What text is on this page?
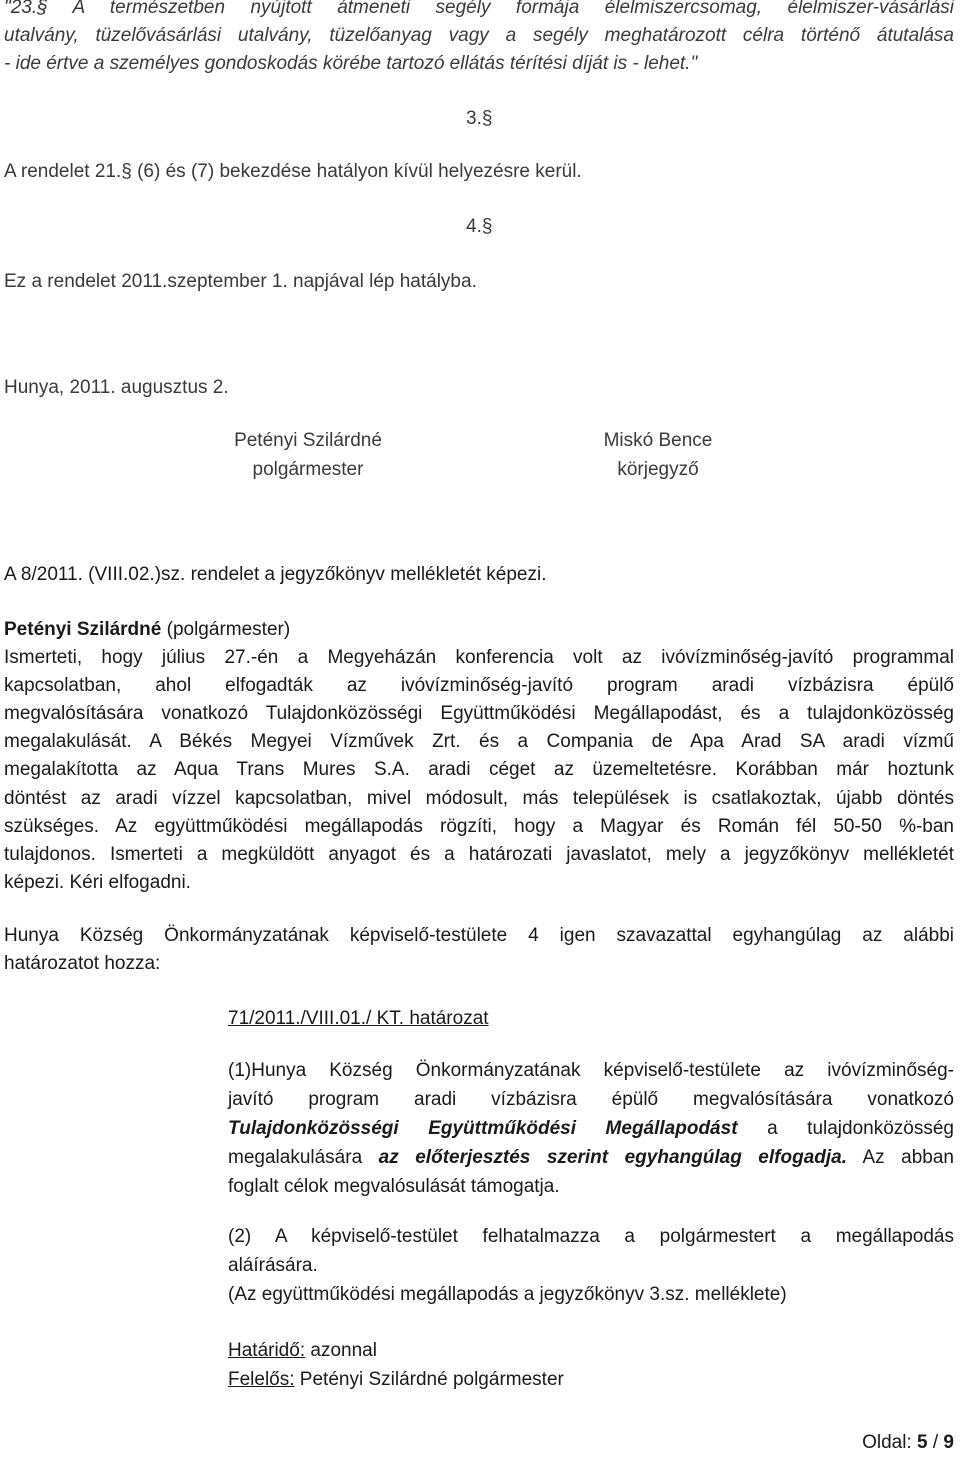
"23.§ A természetben nyújtott átmeneti segély formája élelmiszercsomag, élelmiszer-vásárlási
utalvány, tüzelővásárlási utalvány, tüzelőanyag vagy a segély meghatározott célra történő átutalása
- ide értve a személyes gondoskodás körébe tartozó ellátás térítési díját is - lehet."
3.§
A rendelet 21.§ (6) és (7) bekezdése hatályon kívül helyezésre kerül.
4.§
Ez a rendelet 2011.szeptember 1. napjával lép hatályba.
Hunya, 2011. augusztus 2.
Petényi Szilárdné
polgármester
Miskó Bence
körjegyző
A 8/2011. (VIII.02.)sz. rendelet a jegyzőkönyv mellékletét képezi.
Petényi Szilárdné (polgármester)
Ismerteti, hogy július 27.-én a Megyeházán konferencia volt az ivóvízminőség-javító programmal
kapcsolatban, ahol elfogadták az ivóvízminőség-javító program aradi vízbázisra épülő
megvalósítására vonatkozó Tulajdonközösségi Együttműködési Megállapodást, és a tulajdonközösség
megalakulását. A Békés Megyei Vízművek Zrt. és a Compania de Apa Arad SA aradi vízmű
megalakította az Aqua Trans Mures S.A. aradi céget az üzemeltetésre. Korábban már hoztunk
döntést az aradi vízzel kapcsolatban, mivel módosult, más települések is csatlakoztak, újabb döntés
szükséges. Az együttműködési megállapodás rögzíti, hogy a Magyar és Román fél 50-50 %-ban
tulajdonos. Ismerteti a megküldött anyagot és a határozati javaslatot, mely a jegyzőkönyv mellékletét
képezi. Kéri elfogadni.
Hunya Község Önkormányzatának képviselő-testülete 4 igen szavazattal egyhangúlag az alábbi
határozatot hozza:
71/2011./VIII.01./ KT. határozat
(1)Hunya Község Önkormányzatának képviselő-testülete az ivóvízminőség-
javító program aradi vízbázisra épülő megvalósítására vonatkozó
Tulajdonközösségi Együttműködési Megállapodást a tulajdonközösség
megalakulására az előterjesztés szerint egyhangúlag elfogadja. Az abban
foglalt célok megvalósulását támogatja.
(2) A képviselő-testület felhatalmazza a polgármestert a megállapodás
aláírására.
(Az együttműködési megállapodás a jegyzőkönyv 3.sz. melléklete)
Határidő: azonnal
Felelős: Petényi Szilárdné polgármester
Oldal: 5 / 9
